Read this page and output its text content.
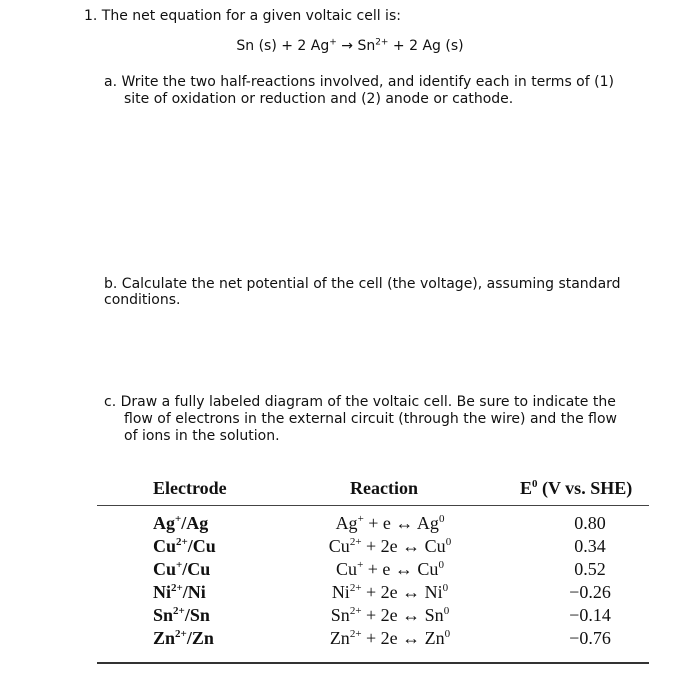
1. The net equation for a given voltaic cell is:
Sn (s) + 2 $Ag^+ \to Sn^{2+} + 2$ Ag (s)
a. Write the two half-reactions involved, and identify each in terms of (1)
site of oxidation or reduction and (2) anode or cathode.
b. Calculate the net potential of the cell (the voltage), assuming standard
conditions.
c. Draw a fully labeled diagram of the voltaic cell. Be sure to indicate the
flow of electrons in the external circuit (through the wire) and the flow
of ions in the solution.
Electrode	Reaction	$E^0$ (V vs. SHE)
Ag+/Ag
$Cu^{2+}/Cu$
Cu+/Cu
$Ni^{2+}/Ni$
$Sn^{2+}/Sn$
$Zn^{2+}/Zn$
Ag+ + e ↔ Ag$^0$
$Cu^{2+} + 2e$ ↔ Cu$^0$
Cu+ + e ↔ Cu$^0$
$Ni^{2+} + 2e$ ↔ Ni$^0$
$Sn^{2+} + 2e$ ↔ Sn$^0$
$Zn^{2+} + 2e$ ↔ Zn$^0$
0.80
0.34
0.52
−0.26
−0.14
−0.76
